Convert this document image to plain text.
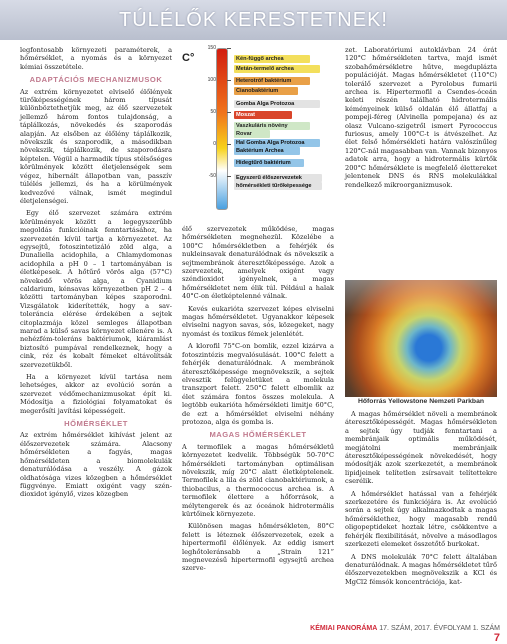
TÚLÉLŐK KERESTETNEK!

legfontosabb környezeti paraméterek, a hőmérséklet, a nyomás és a környezet kémiai összetétele.

ADAPTÁCIÓS MECHANIZMUSOK

Az extrém környezetet elviselő élőlények türőképességének három típusát különböztethetjük meg, az élő szervezetek jellemző három fontos tulajdonság, a táplálkozás, növekedés és szaporodás alapján. Az elsőben az élőlény táplálkozik, növekszik és szaporodik, a másodikban növekszik, táplálkozik, de szaporodásra képtelen. Végül a harmadik típus stélsőséges körülmények között életjelenségek sem végez, hibernált állapotban van, passzív túlélés jellemzi, és ha a körülmények kedvezővé válnak, ismét megindul életjelenségei.

Egy élő szervezet számára extrém körülmények között a legegyszerűbb megoldás funkcióinak fenntartásához, ha szervezetén kívül tartja a környezetet. Az egysejtű, fotoszintetizáló zöld alga, a Dunaliella acidophila, a Chlamydomonas acidophila a pH 0 – 1 tartományában is életképesek. A hőtűrő vörös alga (57°C) növekedő vörös alga, a Cyanidium caldarium, kénsavas környezetben pH 2 – 4 közötti tartományban képes szaporodni. Vizsgálatok kiderítették, hogy a sav-toleráncia elérése érdekében a sejtek citoplazmája közel semleges állapotban marad a külső savas környezet ellenére is. A nehézfém-toleráns baktériumok, kiáramlást biztosító pumpával rendelkeznek, hogy a cink, réz és kobalt fémeket eltávolítsák szervezetükből.

Ha a környezet kívül tartása nem lehetséges, akkor az evolúció során a szervezet védőmechanizmusokat épít ki. Módosítja a fiziológiai folyamatokat és megerősíti javítási képességeit.

HŐMÉRSÉKLET

Az extrém hőmérséklet kihívást jelent az élőszervezetek számára. Alacsony hőmérsékleten a fagyás, magas hőmérsékleten a biomolekulák denaturálódása a veszély. A gázok oldhatósága vizes közegben a hőmérséklet függvénye. Emiatt oxigént vagy szén-dioxidot igénylő, vizes közegben

C°
150
100
50
0
-50
Kén-függő archea
Metán-termelő archea
Heterotróf baktérium
Cianobaktérium
Gomba Alga Protozoa
Moszat
Vaszkuláris növény
Rovar
Hal Gomba Alga Protozoa
Baktérium Archea
Hidegtűrő baktérium
Egyszerű élőszervezetek
hőmérsékleti tűrőképessége

élő szervezetek működése, magas hőmérsékleten megnehezül. Közelébe a 100°C hőmérsékletben a fehérjék és nukleinsavak denaturálódnak és növekszik a sejtmembránok áteresztőképessége. Azok a szervezetek, amelyek oxigént vagy széndioxidot igényelnek, a magas hőmérsékletet nem élik túl. Például a halak 40°C-on életképtelenné válnak.

Kevés eukarióta szervezet képes elviselni magas hőmérsékletet. Ugyanakkor képesek elviselni nagyon savas, sós, közegeket, nagy nyomást és toxikus fémek jelenlétét.

A klorofil 75°C-on bomlik, ezzel kizárva a fotoszintézis megvalósulását. 100°C felett a fehérjék denaturálódnak. A membránok áteresztőképessége megnövekszik, a sejtek elvesztik felügyeletüket a molekula transzport felett. 250°C felett elbomlik az élet számára fontos összes molekula. A legtöbb eukarióta hőmérsékleti limitje 60°C, de ezt a hőmérséklet elviselni néhány protozoa, alga és gomba is.

MAGAS HŐMÉRSÉKLET

A termofilek a magas hőmérsékletű környezetet kedvelik. Többségük 50-70°C hőmérsékleti tartományban optimálisan növekszik, míg 20°C alatt életképtelenek. Termofilek a lila és zöld cianobaktériumok, a thiobacilus, a thermococcus archea is. A termofilek élettere a hőforrások, a mélytengerek és az óceánok hidrotermális kürtőinek környezete.

Különösen magas hőmérsékleten, 80°C felett is léteznek élőszervezetek, ezek a hipertermofil élőlények. Az eddig ismert leghőtoleránsabb a „Strain 121” megnevezésű hipertermofil egysejtű archea szerve-

zet. Laboratóriumi autoklávban 24 órát 120°C hőmérsékleten tartva, majd ismét szobahőmérsékletre hűtve, megduplázta populációját. Magas hőmérsékletet (110°C) tolerálő szervezet a Pyrolobus fumarii archea is. Hipertermofil a Csendes-óceán keleti részén található hidrotermális kéményeinek külső oldalán élő állatfaj a pompeji-féreg (Alvinella pompejana) és az olasz Vulcano-szigetről ismert Pyrococcus furiosus, amely 100°C-t is átvészelhet. Az élet felső hőmérsékleti határa valószínűleg 120°C-nál magasabban van. Vannak bizonyos adatok arra, hogy a hidrotermális kürtők 200°C hőmérséklete is megfelelő élettereket jelentenek DNS és RNS molekulákkal rendelkező mikroorganizmusok.

Hőforrás Yellowstone Nemzeti Parkban

A magas hőmérséklet növeli a membránok áteresztőképességét. Magas hőmérsékleten a sejtek úgy tudják fenntartani a membránjaik optimális működését, megjátolni membránjaik áteresztőképességének növekedését, hogy módosítják azok szerkezetét, a membránok lipidjeinek telítetlen zsírsavait telítettekre cserélik.

A hőmérséklet hatással van a fehérjék szerkezetére és funkciójára is. Az evolúció során a sejtek úgy alkalmazkodtak a magas hőmérséklethez, hogy magasabb rendű oligopeptideket hoztak létre, csökkentve a fehérjék flexibilitását, növelve a másodlagos szerkezeti elemeket összetőtő burkokat.

A DNS molekulák 70°C felett általában denaturálódnak. A magas hőmérsékletet tűrő élőszervezetekben megnövekszik a KCl és MgCl2 fémsók koncentrációja, kat-

KÉMIAI PANORÁMA 17. SZÁM, 2017. ÉVFOLYAM 1. SZÁM 7
